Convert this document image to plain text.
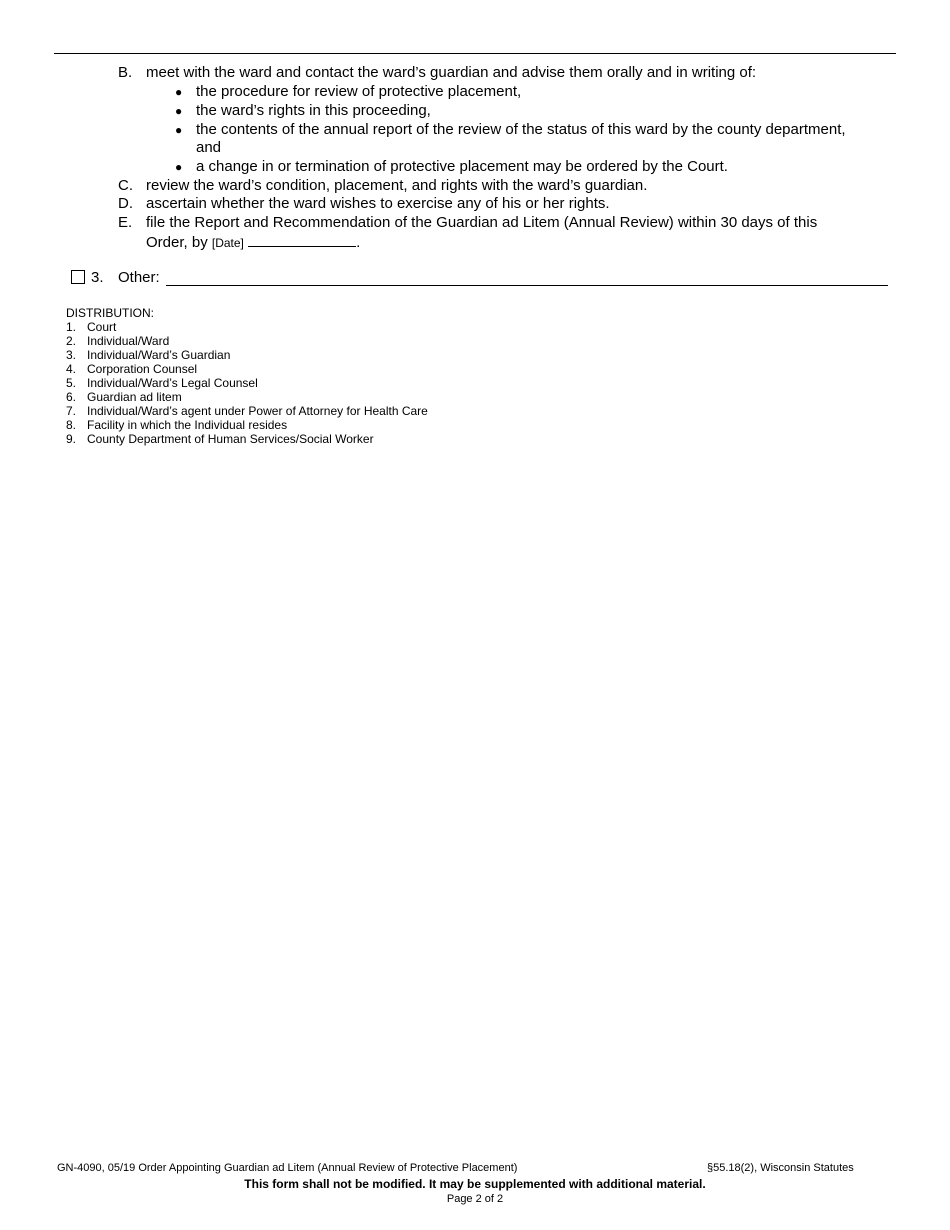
B. meet with the ward and contact the ward’s guardian and advise them orally and in writing of:
● the procedure for review of protective placement,
● the ward’s rights in this proceeding,
● the contents of the annual report of the review of the status of this ward by the county department,
and
● a change in or termination of protective placement may be ordered by the Court.
C. review the ward’s condition, placement, and rights with the ward’s guardian.
D. ascertain whether the ward wishes to exercise any of his or her rights.
E. file the Report and Recommendation of the Guardian ad Litem (Annual Review) within 30 days of this
Order, by [Date]	.
3. Other:
DISTRIBUTION:
1. Court
2. Individual/Ward
3. Individual/Ward’s Guardian
4. Corporation Counsel
5. Individual/Ward’s Legal Counsel
6. Guardian ad litem
7. Individual/Ward’s agent under Power of Attorney for Health Care
8. Facility in which the Individual resides
9. County Department of Human Services/Social Worker
GN-4090, 05/19 Order Appointing Guardian ad Litem (Annual Review of Protective Placement)	§55.18(2), Wisconsin Statutes
This form shall not be modified. It may be supplemented with additional material.
Page 2 of 2
